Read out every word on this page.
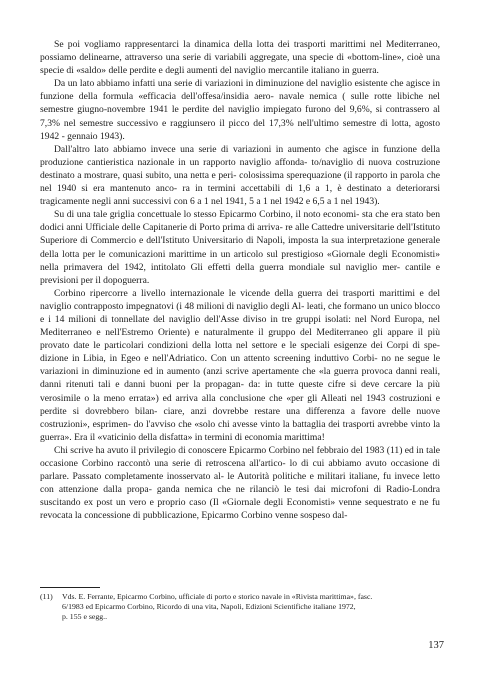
Se poi vogliamo rappresentarci la dinamica della lotta dei trasporti marittimi nel Mediterraneo, possiamo delinearne, attraverso una serie di variabili aggregate, una specie di «bottom-line», cioè una specie di «saldo» delle perdite e degli aumenti del naviglio mercantile italiano in guerra.

Da un lato abbiamo infatti una serie di variazioni in diminuzione del naviglio esistente che agisce in funzione della formula «efficacia dell'offesa/insidia aero- navale nemica ( sulle rotte libiche nel semestre giugno-novembre 1941 le perdite del naviglio impiegato furono del 9,6%, si contrassero al 7,3% nel semestre successivo e raggiunsero il picco del 17,3% nell'ultimo semestre di lotta, agosto 1942 - gennaio 1943).

Dall'altro lato abbiamo invece una serie di variazioni in aumento che agisce in funzione della produzione cantieristica nazionale in un rapporto naviglio affonda- to/naviglio di nuova costruzione destinato a mostrare, quasi subito, una netta e peri- colosissima sperequazione (il rapporto in parola che nel 1940 si era mantenuto anco- ra in termini accettabili di 1,6 a 1, è destinato a deteriorarsi tragicamente negli anni successivi con 6 a 1 nel 1941, 5 a 1 nel 1942 e 6,5 a 1 nel 1943).

Su di una tale griglia concettuale lo stesso Epicarmo Corbino, il noto economi- sta che era stato ben dodici anni Ufficiale delle Capitanerie di Porto prima di arriva- re alle Cattedre universitarie dell'Istituto Superiore di Commercio e dell'Istituto Universitario di Napoli, imposta la sua interpretazione generale della lotta per le comunicazioni marittime in un articolo sul prestigioso «Giornale degli Economisti» nella primavera del 1942, intitolato Gli effetti della guerra mondiale sul naviglio mer- cantile e previsioni per il dopoguerra.

Corbino ripercorre a livello internazionale le vicende della guerra dei trasporti marittimi e del naviglio contrapposto impegnatovi (i 48 milioni di naviglio degli Al- leati, che formano un unico blocco e i 14 milioni di tonnellate del naviglio dell'Asse diviso in tre gruppi isolati: nel Nord Europa, nel Mediterraneo e nell'Estremo Oriente) e naturalmente il gruppo del Mediterraneo gli appare il più provato date le particolari condizioni della lotta nel settore e le speciali esigenze dei Corpi di spe- dizione in Libia, in Egeo e nell'Adriatico. Con un attento screening induttivo Corbi- no ne segue le variazioni in diminuzione ed in aumento (anzi scrive apertamente che «la guerra provoca danni reali, danni ritenuti tali e danni buoni per la propagan- da: in tutte queste cifre si deve cercare la più verosimile o la meno errata») ed arriva alla conclusione che «per gli Alleati nel 1943 costruzioni e perdite si dovrebbero bilan- ciare, anzi dovrebbe restare una differenza a favore delle nuove costruzioni», esprimen- do l'avviso che «solo chi avesse vinto la battaglia dei trasporti avrebbe vinto la guerra». Era il «vaticinio della disfatta» in termini di economia marittima!

Chi scrive ha avuto il privilegio di conoscere Epicarmo Corbino nel febbraio del 1983 (11) ed in tale occasione Corbino raccontò una serie di retroscena all'artico- lo di cui abbiamo avuto occasione di parlare. Passato completamente inosservato al- le Autorità politiche e militari italiane, fu invece letto con attenzione dalla propa- ganda nemica che ne rilanciò le tesi dai microfoni di Radio-Londra suscitando ex post un vero e proprio caso (Il «Giornale degli Economisti» venne sequestrato e ne fu revocata la concessione di pubblicazione, Epicarmo Corbino venne sospeso dal-

(11) Vds. E. Ferrante, Epicarmo Corbino, ufficiale di porto e storico navale in «Rivista marittima», fasc.
6/1983 ed Epicarmo Corbino, Ricordo di una vita, Napoli, Edizioni Scientifiche italiane 1972,
p. 155 e segg..
137
